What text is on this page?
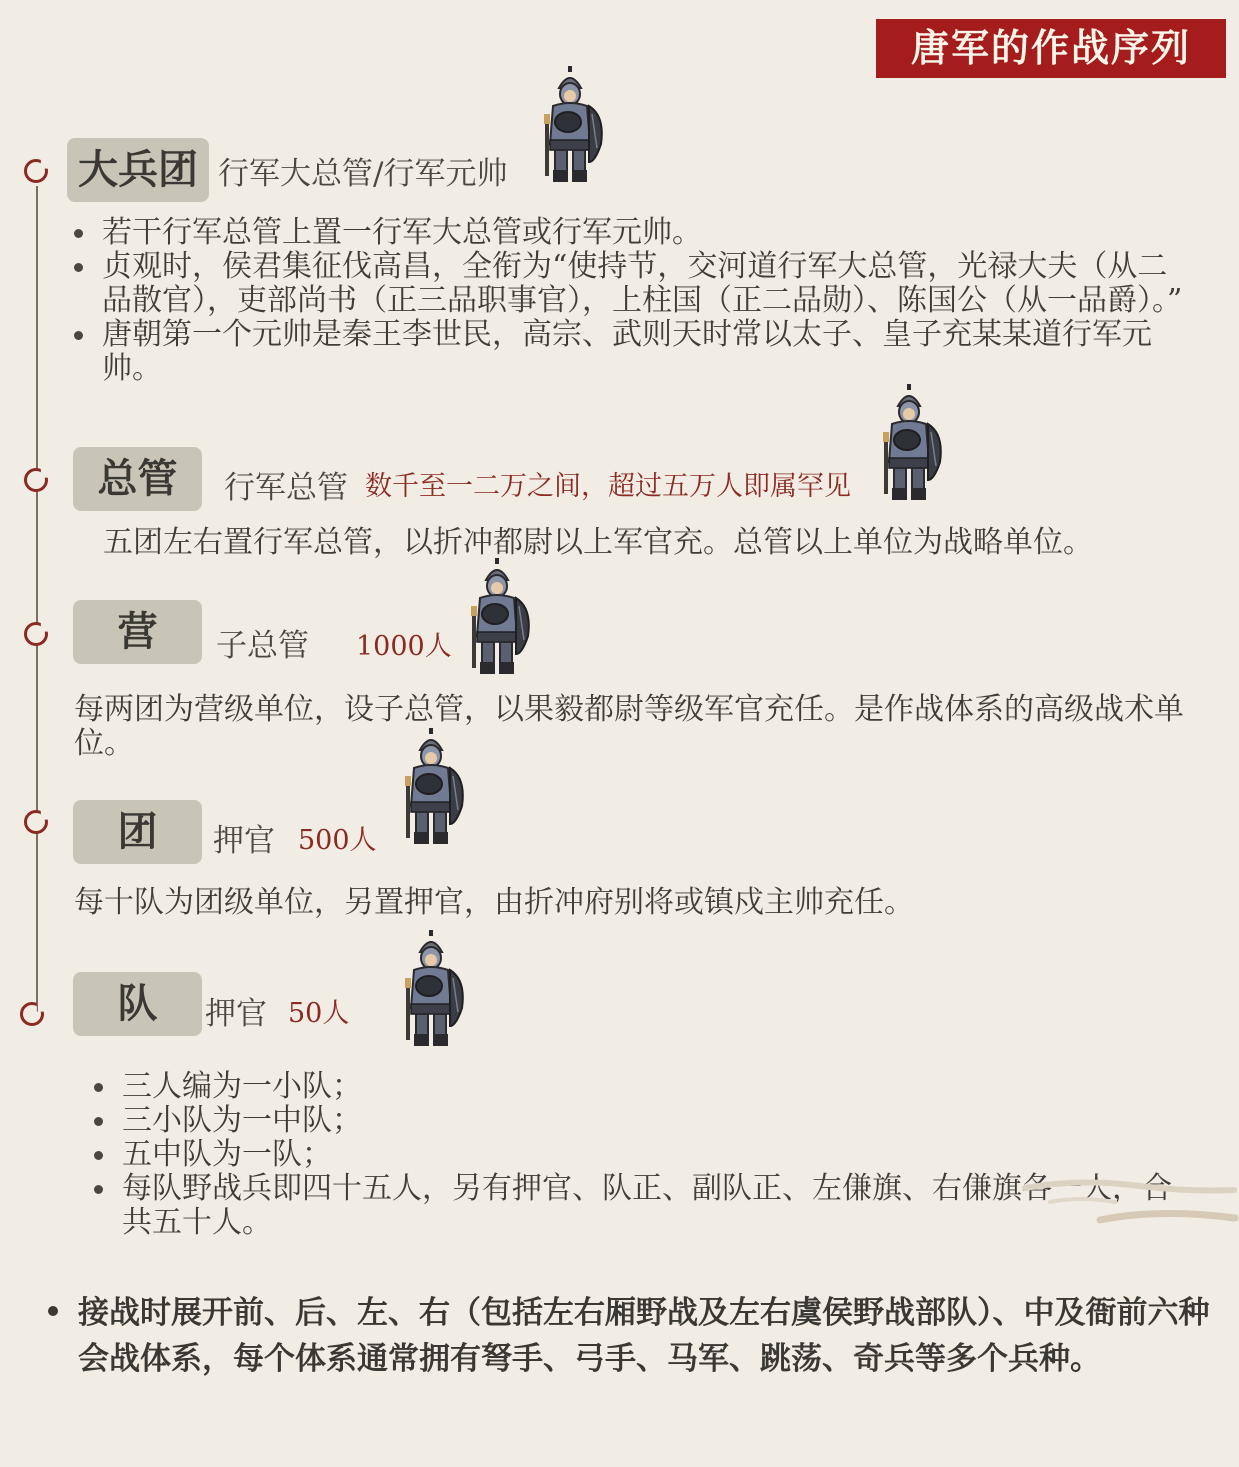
唐军的作战序列
大兵团 行军大总管/行军元帅
若干行军总管上置一行军大总管或行军元帅。
贞观时，侯君集征伐高昌，全衔为“使持节，交河道行军大总管，光禄大夫（从二品散官），吏部尚书（正三品职事官），上柱国（正二品勋）、陈国公（从一品爵）。”
唐朝第一个元帅是秦王李世民，高宗、武则天时常以太子、皇子充某某道行军元帅。
总管	行军总管 数千至一二万之间，超过五万人即属罕见
五团左右置行军总管，以折冲都尉以上军官充。总管以上单位为战略单位。
营	子总管 1000人
每两团为营级单位，设子总管，以果毅都尉等级军官充任。是作战体系的高级战术单位。
团	押官 500人
每十队为团级单位，另置押官，由折冲府别将或镇戍主帅充任。
队	押官 50人
三人编为一小队；
三小队为一中队；
五中队为一队；
每队野战兵即四十五人，另有押官、队正、副队正、左傔旗、右傔旗各一人，合共五十人。
接战时展开前、后、左、右（包括左右厢野战及左右虞侯野战部队）、中及衙前六种会战体系，每个体系通常拥有弩手、弓手、马军、跳荡、奇兵等多个兵种。
